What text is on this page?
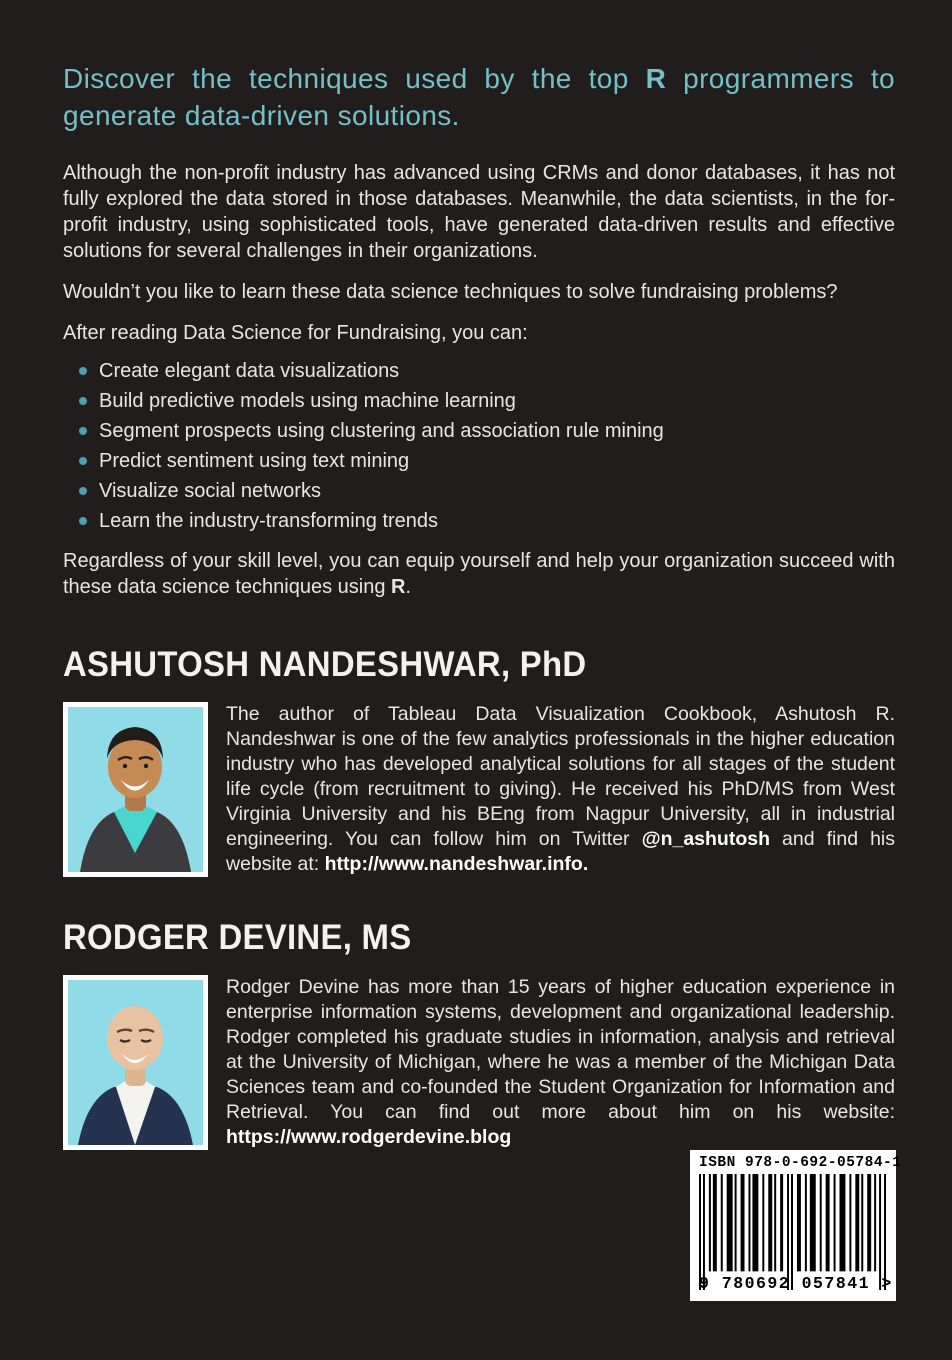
Discover the techniques used by the top R programmers to generate data-driven solutions.

Although the non-profit industry has advanced using CRMs and donor databases, it has not fully explored the data stored in those databases. Meanwhile, the data scientists, in the for-profit industry, using sophisticated tools, have generated data-driven results and effective solutions for several challenges in their organizations.

Wouldn’t you like to learn these data science techniques to solve fundraising problems?

After reading Data Science for Fundraising, you can:

Create elegant data visualizations
Build predictive models using machine learning
Segment prospects using clustering and association rule mining
Predict sentiment using text mining
Visualize social networks
Learn the industry-transforming trends

Regardless of your skill level, you can equip yourself and help your organization succeed with these data science techniques using R.

ASHUTOSH NANDESHWAR, PhD

The author of Tableau Data Visualization Cookbook, Ashutosh R. Nandeshwar is one of the few analytics professionals in the higher education industry who has developed analytical solutions for all stages of the student life cycle (from recruitment to giving). He received his PhD/MS from West Virginia University and his BEng from Nagpur University, all in industrial engineering. You can follow him on Twitter @n_ashutosh and find his website at: http://www.nandeshwar.info.

RODGER DEVINE, MS

Rodger Devine has more than 15 years of higher education experience in enterprise information systems, development and organizational leadership. Rodger completed his graduate studies in information, analysis and retrieval at the University of Michigan, where he was a member of the Michigan Data Sciences team and co-founded the Student Organization for Information and Retrieval. You can find out more about him on his website: https://www.rodgerdevine.blog

ISBN 978-0-692-05784-1
9 780692 057841 >
